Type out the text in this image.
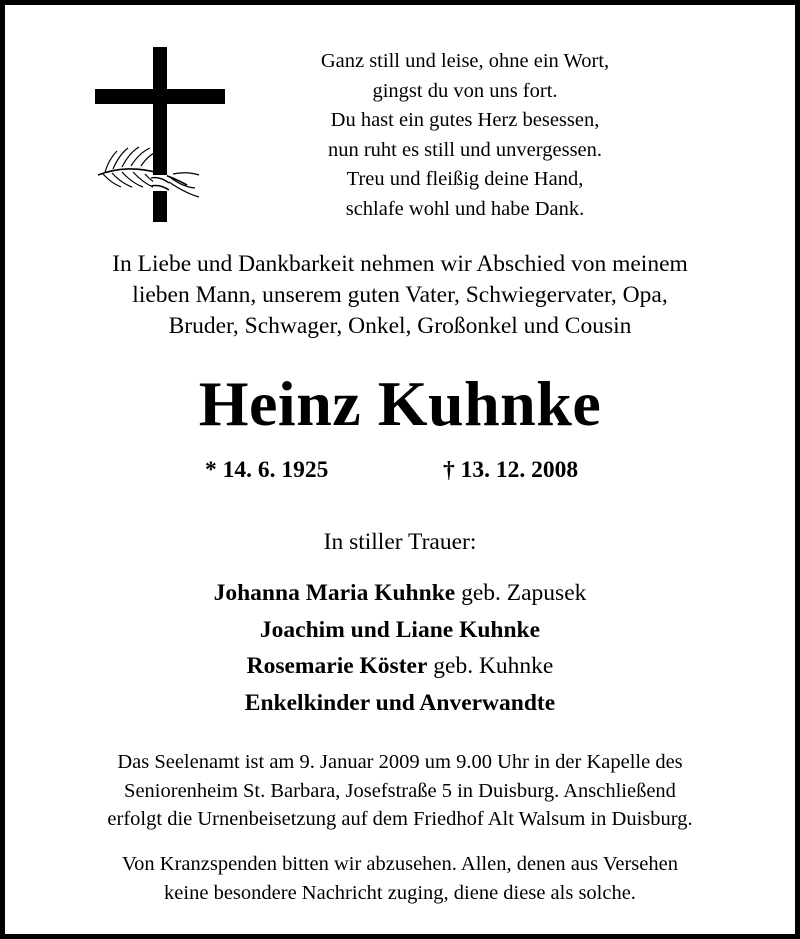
Ganz still und leise, ohne ein Wort,
gingst du von uns fort.
Du hast ein gutes Herz besessen,
nun ruht es still und unvergessen.
Treu und fleißig deine Hand,
schlafe wohl und habe Dank.
In Liebe und Dankbarkeit nehmen wir Abschied von meinem
lieben Mann, unserem guten Vater, Schwiegervater, Opa,
Bruder, Schwager, Onkel, Großonkel und Cousin
Heinz Kuhnke
* 14. 6. 1925	† 13. 12. 2008
In stiller Trauer:
Johanna Maria Kuhnke geb. Zapusek
Joachim und Liane Kuhnke
Rosemarie Köster geb. Kuhnke
Enkelkinder und Anverwandte
Das Seelenamt ist am 9. Januar 2009 um 9.00 Uhr in der Kapelle des
Seniorenheim St. Barbara, Josefstraße 5 in Duisburg. Anschließend
erfolgt die Urnenbeisetzung auf dem Friedhof Alt Walsum in Duisburg.
Von Kranzspenden bitten wir abzusehen. Allen, denen aus Versehen
keine besondere Nachricht zuging, diene diese als solche.
